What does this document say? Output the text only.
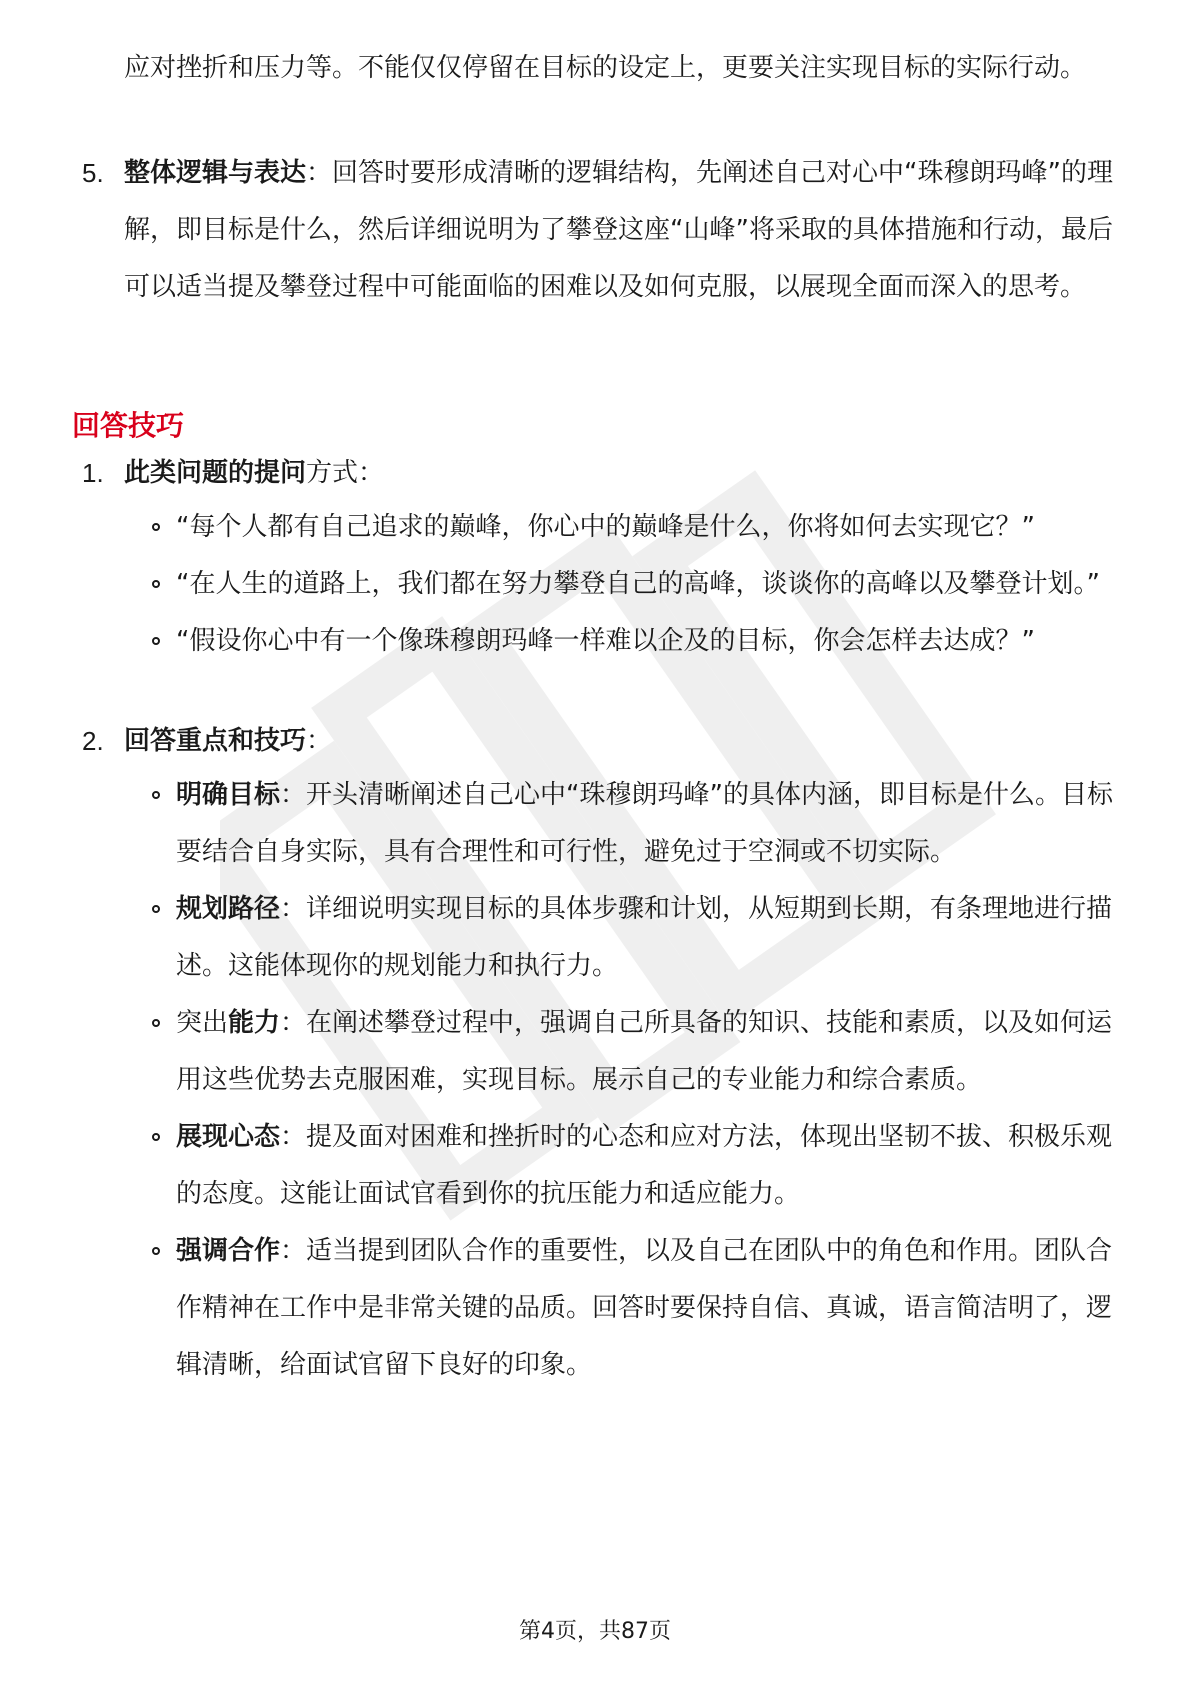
应对挫折和压力等。不能仅仅停留在目标的设定上，更要关注实现目标的实际行动。
5. 整体逻辑与表达：回答时要形成清晰的逻辑结构，先阐述自己对心中“珠穆朗玛峰”的理解，即目标是什么，然后详细说明为了攀登这座“山峰”将采取的具体措施和行动，最后可以适当提及攀登过程中可能面临的困难以及如何克服，以展现全面而深入的思考。
回答技巧
1. 此类问题的提问方式：
“每个人都有自己追求的巅峰，你心中的巅峰是什么，你将如何去实现它？”
“在人生的道路上，我们都在努力攀登自己的高峰，谈谈你的高峰以及攀登计划。”
“假设你心中有一个像珠穆朗玛峰一样难以企及的目标，你会怎样去达成？”
2. 回答重点和技巧：
明确目标：开头清晰阐述自己心中“珠穆朗玛峰”的具体内涵，即目标是什么。目标要结合自身实际，具有合理性和可行性，避免过于空洞或不切实际。
规划路径：详细说明实现目标的具体步骤和计划，从短期到长期，有条理地进行描述。这能体现你的规划能力和执行力。
突出能力：在阐述攀登过程中，强调自己所具备的知识、技能和素质，以及如何运用这些优势去克服困难，实现目标。展示自己的专业能力和综合素质。
展现心态：提及面对困难和挫折时的心态和应对方法，体现出坚韧不拔、积极乐观的态度。这能让面试官看到你的抗压能力和适应能力。
强调合作：适当提到团队合作的重要性，以及自己在团队中的角色和作用。团队合作精神在工作中是非常关键的品质。回答时要保持自信、真诚，语言简洁明了，逻辑清晰，给面试官留下良好的印象。
第4页，共87页
